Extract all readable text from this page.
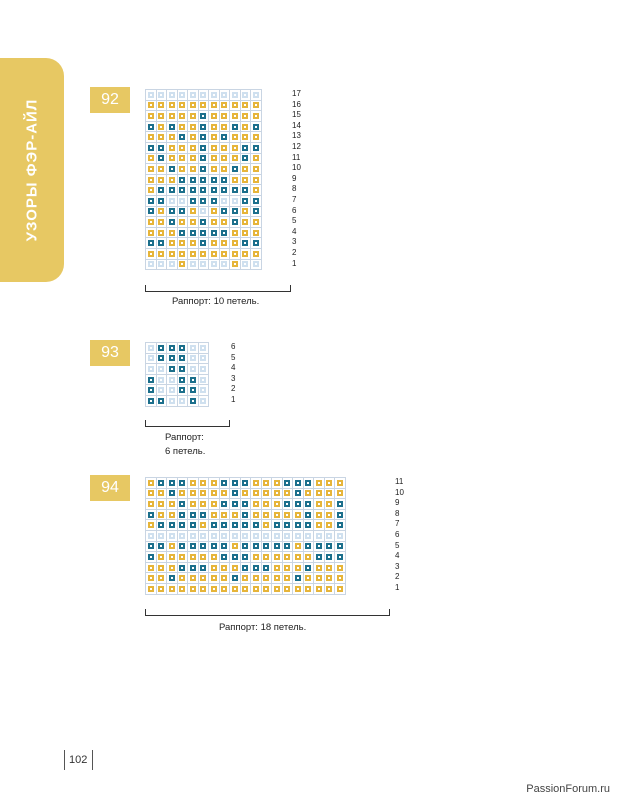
УЗОРЫ ФЭР-АЙЛ	92	17
16
15
14
13
12
11
10
9
8
7
6
5
4
3
2
1
Раппорт: 10 петель.
93	6
5
4
3
2
1
Раппорт:
6 петель.
94	11
10
9
8
7
6
5
4
3
2
1
Раппорт: 18 петель.
102
PassionForum.ru
